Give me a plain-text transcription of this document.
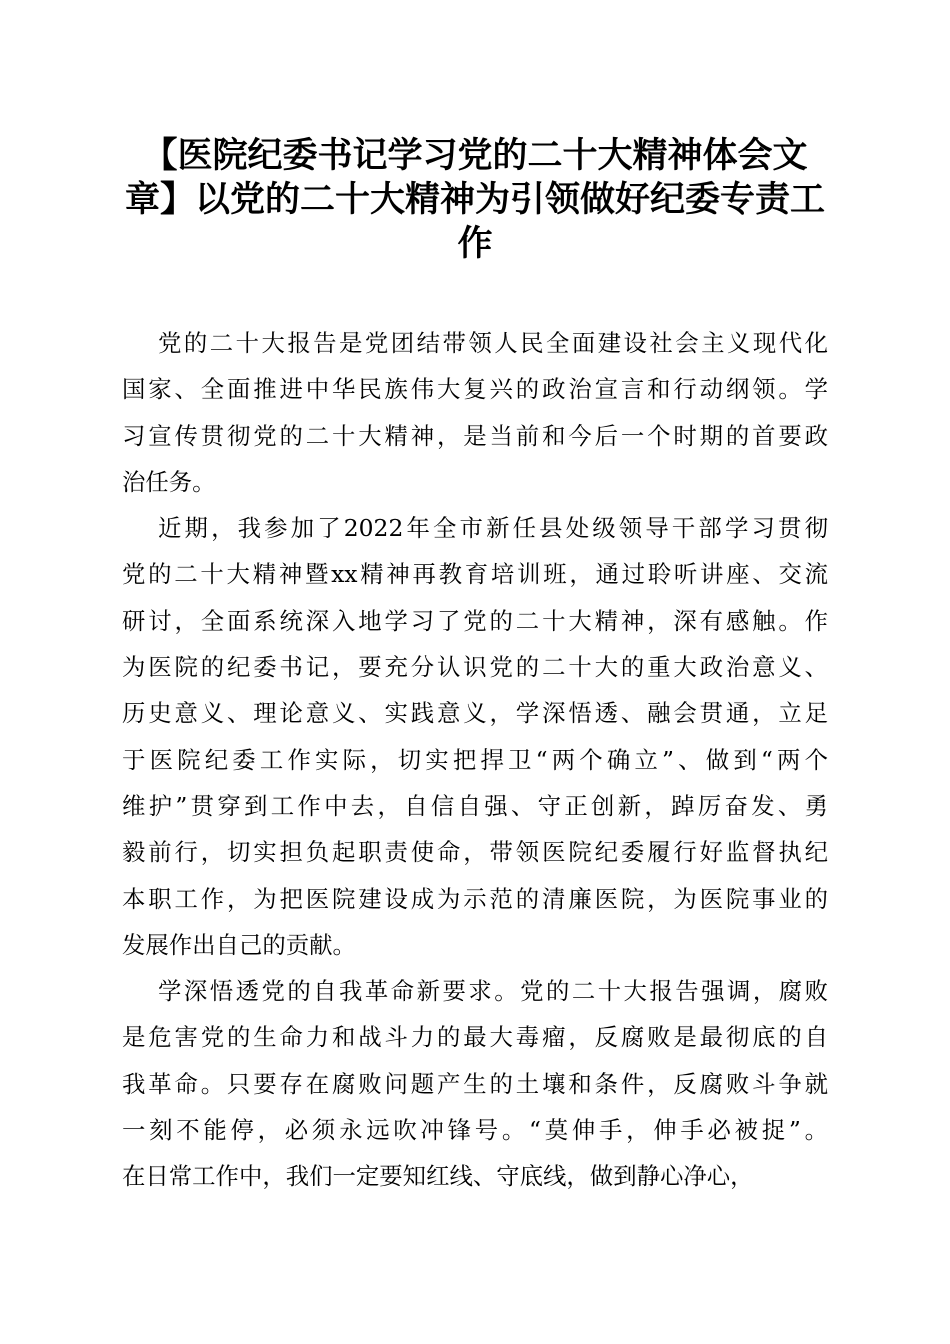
【医院纪委书记学习党的二十大精神体会文
章】以党的二十大精神为引领做好纪委专责工
作

党的二十大报告是党团结带领人民全面建设社会主义现代化
国家、全面推进中华民族伟大复兴的政治宣言和行动纲领。学
习宣传贯彻党的二十大精神，是当前和今后一个时期的首要政
治任务。

近期，我参加了2022年全市新任县处级领导干部学习贯彻
党的二十大精神暨xx精神再教育培训班，通过聆听讲座、交流
研讨，全面系统深入地学习了党的二十大精神，深有感触。作
为医院的纪委书记，要充分认识党的二十大的重大政治意义、
历史意义、理论意义、实践意义，学深悟透、融会贯通，立足
于医院纪委工作实际，切实把捍卫“两个确立”、做到“两个
维护”贯穿到工作中去，自信自强、守正创新，踔厉奋发、勇
毅前行，切实担负起职责使命，带领医院纪委履行好监督执纪
本职工作，为把医院建设成为示范的清廉医院，为医院事业的
发展作出自己的贡献。

学深悟透党的自我革命新要求。党的二十大报告强调，腐败
是危害党的生命力和战斗力的最大毒瘤，反腐败是最彻底的自
我革命。只要存在腐败问题产生的土壤和条件，反腐败斗争就
一刻不能停，必须永远吹冲锋号。“莫伸手，伸手必被捉”。
在日常工作中，我们一定要知红线、守底线，做到静心净心，
